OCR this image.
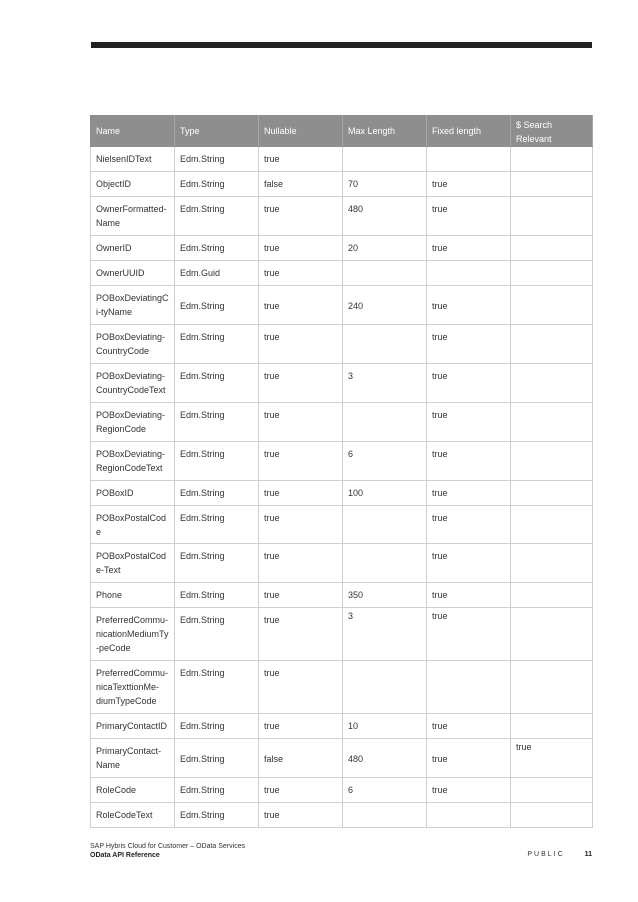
Name	Type	Nullable	Max Length	Fixed length	$ Search Relevant
NielsenIDText	Edm.String	true			
ObjectID	Edm.String	false	70	true	
OwnerFormatted-Name	Edm.String	true	480	true	
OwnerID	Edm.String	true	20	true	
OwnerUUID	Edm.Guid	true			
POBoxDeviatingCi-tyName	Edm.String	true	240	true	
POBoxDeviating-CountryCode	Edm.String	true		true	
POBoxDeviating-CountryCodeText	Edm.String	true	3	true	
POBoxDeviating-RegionCode	Edm.String	true		true	
POBoxDeviating-RegionCodeText	Edm.String	true	6	true	
POBoxID	Edm.String	true	100	true	
POBoxPostalCode	Edm.String	true		true	
POBoxPostalCode-Text	Edm.String	true		true	
Phone	Edm.String	true	350	true	
PreferredCommu-nicationMediumTy-peCode	Edm.String	true	3	true	
PreferredCommu-nicaTexttionMe-diumTypeCode	Edm.String	true			
PrimaryContactID	Edm.String	true	10	true	
PrimaryContact-Name	Edm.String	false	480	true	true
RoleCode	Edm.String	true	6	true	
RoleCodeText	Edm.String	true			
SAP Hybris Cloud for Customer – OData Services
OData API Reference	PUBLIC	11
